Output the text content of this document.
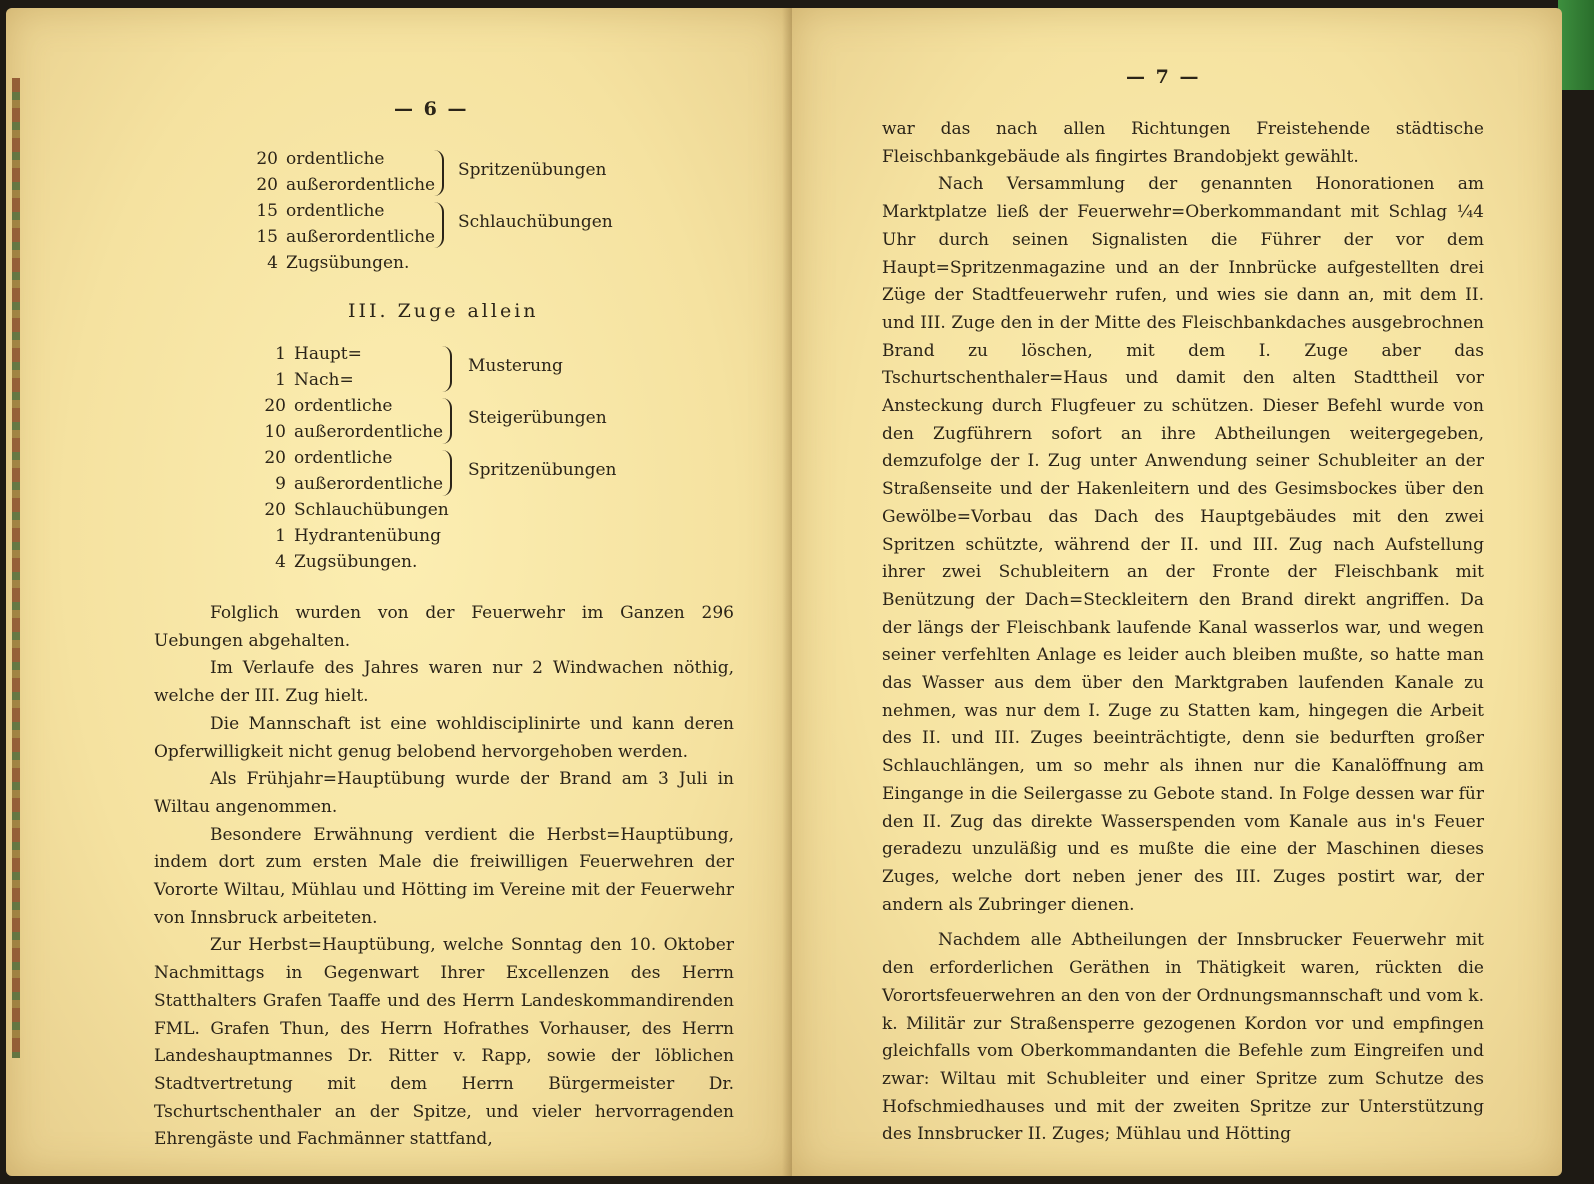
— 6 —
20 ordentliche
20 außerordentliche
15 ordentliche
15 außerordentliche
4 Zugsübungen.
Spritzenübungen
Schlauchübungen
III. Zuge allein
1 Haupt=
1 Nach=
20 ordentliche
10 außerordentliche
20 ordentliche
9 außerordentliche
20 Schlauchübungen
1 Hydrantenübung
4 Zugsübungen.
Musterung
Steigerübungen
Spritzenübungen

Folglich wurden von der Feuerwehr im Ganzen 296 Uebungen abgehalten.

Im Verlaufe des Jahres waren nur 2 Windwachen nöthig, welche der III. Zug hielt.

Die Mannschaft ist eine wohldisciplinirte und kann deren Opferwilligkeit nicht genug belobend hervorgehoben werden.

Als Frühjahr=Hauptübung wurde der Brand am 3 Juli in Wiltau angenommen.

Besondere Erwähnung verdient die Herbst=Hauptübung, indem dort zum ersten Male die freiwilligen Feuerwehren der Vororte Wiltau, Mühlau und Hötting im Vereine mit der Feuerwehr von Innsbruck arbeiteten.

Zur Herbst=Hauptübung, welche Sonntag den 10. Oktober Nachmittags in Gegenwart Ihrer Excellenzen des Herrn Statthalters Grafen Taaffe und des Herrn Landeskommandirenden FML. Grafen Thun, des Herrn Hofrathes Vorhauser, des Herrn Landeshauptmannes Dr. Ritter v. Rapp, sowie der löblichen Stadtvertretung mit dem Herrn Bürgermeister Dr. Tschurtschenthaler an der Spitze, und vieler hervorragenden Ehrengäste und Fachmänner stattfand,

— 7 —

war das nach allen Richtungen Freistehende städtische Fleischbankgebäude als fingirtes Brandobjekt gewählt.

Nach Versammlung der genannten Honorationen am Marktplatze ließ der Feuerwehr=Oberkommandant mit Schlag ¼4 Uhr durch seinen Signalisten die Führer der vor dem Haupt=Spritzenmagazine und an der Innbrücke aufgestellten drei Züge der Stadtfeuerwehr rufen, und wies sie dann an, mit dem II. und III. Zuge den in der Mitte des Fleischbankdaches ausgebrochnen Brand zu löschen, mit dem I. Zuge aber das Tschurtschenthaler=Haus und damit den alten Stadttheil vor Ansteckung durch Flugfeuer zu schützen. Dieser Befehl wurde von den Zugführern sofort an ihre Abtheilungen weitergegeben, demzufolge der I. Zug unter Anwendung seiner Schubleiter an der Straßenseite und der Hakenleitern und des Gesimsbockes über den Gewölbe=Vorbau das Dach des Hauptgebäudes mit den zwei Spritzen schützte, während der II. und III. Zug nach Aufstellung ihrer zwei Schubleitern an der Fronte der Fleischbank mit Benützung der Dach=Steckleitern den Brand direkt angriffen. Da der längs der Fleischbank laufende Kanal wasserlos war, und wegen seiner verfehlten Anlage es leider auch bleiben mußte, so hatte man das Wasser aus dem über den Marktgraben laufenden Kanale zu nehmen, was nur dem I. Zuge zu Statten kam, hingegen die Arbeit des II. und III. Zuges beeinträchtigte, denn sie bedurften großer Schlauchlängen, um so mehr als ihnen nur die Kanalöffnung am Eingange in die Seilergasse zu Gebote stand. In Folge dessen war für den II. Zug das direkte Wasserspenden vom Kanale aus in's Feuer geradezu unzuläßig und es mußte die eine der Maschinen dieses Zuges, welche dort neben jener des III. Zuges postirt war, der andern als Zubringer dienen.

Nachdem alle Abtheilungen der Innsbrucker Feuerwehr mit den erforderlichen Geräthen in Thätigkeit waren, rückten die Vorortsfeuerwehren an den von der Ordnungsmannschaft und vom k. k. Militär zur Straßensperre gezogenen Kordon vor und empfingen gleichfalls vom Oberkommandanten die Befehle zum Eingreifen und zwar: Wiltau mit Schubleiter und einer Spritze zum Schutze des Hofschmiedhauses und mit der zweiten Spritze zur Unterstützung des Innsbrucker II. Zuges; Mühlau und Hötting
